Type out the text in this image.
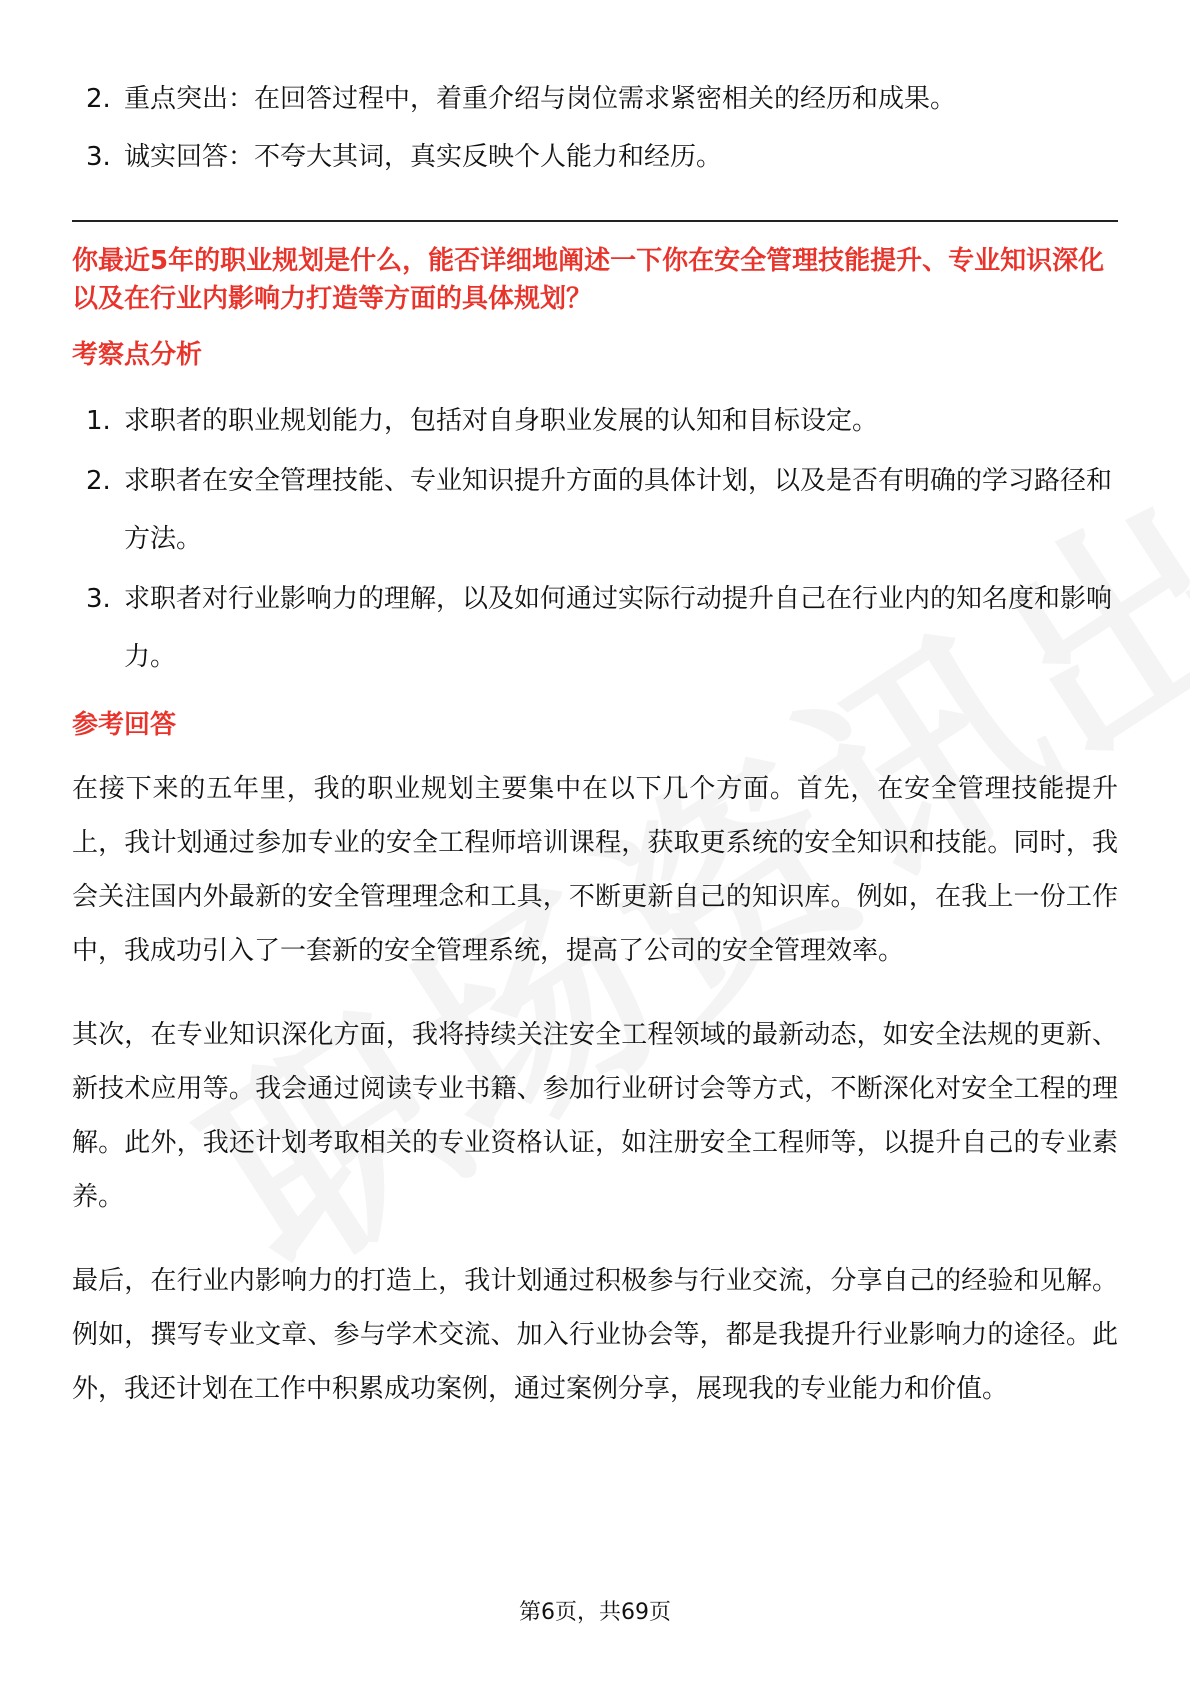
2. 重点突出：在回答过程中，着重介绍与岗位需求紧密相关的经历和成果。
3. 诚实回答：不夸大其词，真实反映个人能力和经历。

你最近5年的职业规划是什么，能否详细地阐述一下你在安全管理技能提升、专业知识深化以及在行业内影响力打造等方面的具体规划？

考察点分析
1. 求职者的职业规划能力，包括对自身职业发展的认知和目标设定。
2. 求职者在安全管理技能、专业知识提升方面的具体计划，以及是否有明确的学习路径和方法。
3. 求职者对行业影响力的理解，以及如何通过实际行动提升自己在行业内的知名度和影响力。
参考回答

在接下来的五年里，我的职业规划主要集中在以下几个方面。首先，在安全管理技能提升上，我计划通过参加专业的安全工程师培训课程，获取更系统的安全知识和技能。同时，我会关注国内外最新的安全管理理念和工具，不断更新自己的知识库。例如，在我上一份工作中，我成功引入了一套新的安全管理系统，提高了公司的安全管理效率。

其次，在专业知识深化方面，我将持续关注安全工程领域的最新动态，如安全法规的更新、新技术应用等。我会通过阅读专业书籍、参加行业研讨会等方式，不断深化对安全工程的理解。此外，我还计划考取相关的专业资格认证，如注册安全工程师等，以提升自己的专业素养。

最后，在行业内影响力的打造上，我计划通过积极参与行业交流，分享自己的经验和见解。例如，撰写专业文章、参与学术交流、加入行业协会等，都是我提升行业影响力的途径。此外，我还计划在工作中积累成功案例，通过案例分享，展现我的专业能力和价值。

第6页，共69页
